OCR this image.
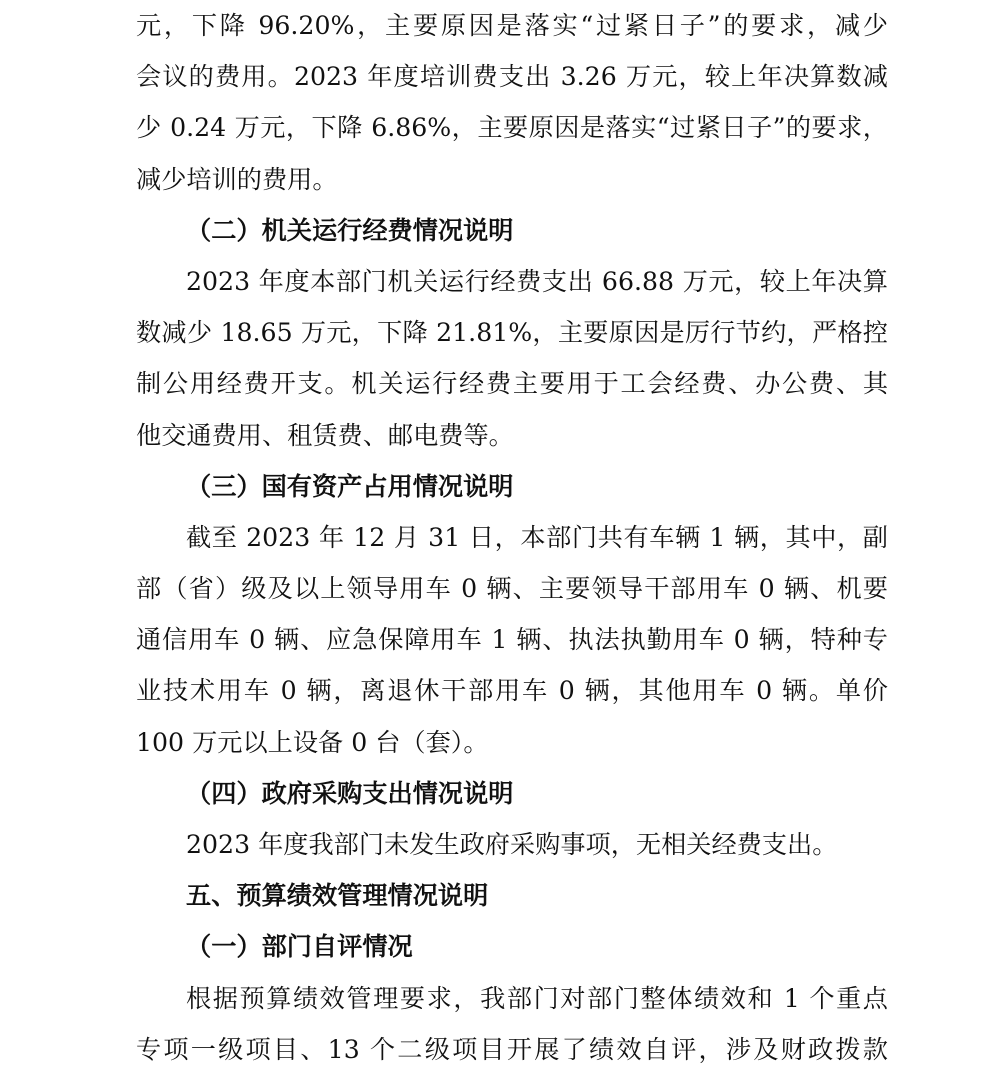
元，下降 96.20%，主要原因是落实“过紧日子”的要求，减少
会议的费用。2023 年度培训费支出 3.26 万元，较上年决算数减
少 0.24 万元，下降 6.86%，主要原因是落实“过紧日子”的要求，
减少培训的费用。
（二）机关运行经费情况说明
2023 年度本部门机关运行经费支出 66.88 万元，较上年决算
数减少 18.65 万元，下降 21.81%，主要原因是厉行节约，严格控
制公用经费开支。机关运行经费主要用于工会经费、办公费、其
他交通费用、租赁费、邮电费等。
（三）国有资产占用情况说明
截至 2023 年 12 月 31 日，本部门共有车辆 1 辆，其中，副
部（省）级及以上领导用车 0 辆、主要领导干部用车 0 辆、机要
通信用车 0 辆、应急保障用车 1 辆、执法执勤用车 0 辆，特种专
业技术用车 0 辆，离退休干部用车 0 辆，其他用车 0 辆。单价
100 万元以上设备 0 台（套）。
（四）政府采购支出情况说明
2023 年度我部门未发生政府采购事项，无相关经费支出。
五、预算绩效管理情况说明
（一）部门自评情况
根据预算绩效管理要求，我部门对部门整体绩效和 1 个重点
专项一级项目、13 个二级项目开展了绩效自评，涉及财政拨款
